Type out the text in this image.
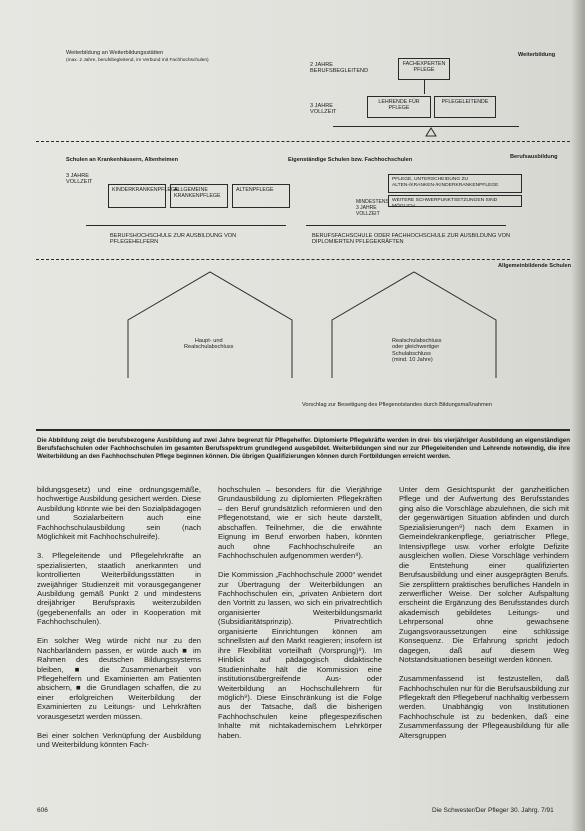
Weiterbildung an Weiterbildungsstätten
(max. 2 Jahre, berufsbegleitend, im Verbund mit Fachhochschulen)
Weiterbildung
2 JAHRE
BERUFSBEGLEITEND
FACHEXPERTEN
PFLEGE
3 JAHRE
VOLLZEIT
LEHRENDE FÜR
PFLEGE
PFLEGELEITENDE
Schulen an Krankenhäusern, Altenheimen	Eigenständige Schulen bzw. Fachhochschulen	Berufsausbildung
3 JAHRE
VOLLZEIT
KINDERKRANKENPFLEGE
ALLGEMEINE
KRANKENPFLEGE
ALTENPFLEGE
MINDESTENS
3 JAHRE
VOLLZEIT
PFLEGE, UNTERSCHEIDUNG ZU ALTEN-/KRANKEN-/KINDERKRANKENPFLEGE
WEITERE SCHWERPUNKTSETZUNGEN SIND MÖGLICH
BERUFSHOCHSCHULE ZUR AUSBILDUNG VON
PFLEGEHELFERN
BERUFSFACHSCHULE ODER FACHHOCHSCHULE ZUR AUSBILDUNG VON
DIPLOMIERTEN PFLEGEKRÄFTEN
Allgemeinbildende Schulen
Haupt- und
Realschulabschluss
Realschulabschluss
oder gleichwertiger
Schulabschluss
(mind. 10 Jahre)
Vorschlag zur Beseitigung des Pflegenotstandes durch Bildungsmaßnahmen
Die Abbildung zeigt die berufsbezogene Ausbildung auf zwei Jahre begrenzt für Pflegehelfer. Diplomierte Pflegekräfte werden in drei- bis vierjähriger Ausbildung an eigenständigen Berufsfachschulen oder Fachhochschulen im gesamten Berufsspektrum grundlegend ausgebildet. Weiterbildungen sind nur zur Pflegeleitenden und Lehrende notwendig, die ihre Weiterbildung an den Fachhochschulen Pflege beginnen können. Die übrigen Qualifizierungen können durch Fortbildungen erreicht werden.

bildungsgesetz) und eine ordnungsgemäße, hochwertige Ausbildung gesichert werden. Diese Ausbildung könnte wie bei den Sozialpädagogen und Sozialarbeitern auch eine Fachhochschulausbildung sein (nach Möglichkeit mit Fachhochschulreife).

3. Pflegeleitende und Pflegelehrkräfte an spezialisierten, staatlich anerkannten und kontrollierten Weiterbildungsstätten in zweijähriger Studienzeit mit vorausgegangener Ausbildung gemäß Punkt 2 und mindestens dreijähriger Berufspraxis weiterzubilden (gegebenenfalls an oder in Kooperation mit Fachhochschulen).

Ein solcher Weg würde nicht nur zu den Nachbarländern passen, er würde auch ■ im Rahmen des deutschen Bildungssystems bleiben, ■ die Zusammenarbeit von Pflegehelfern und Examinierten am Patienten absichern, ■ die Grundlagen schaffen, die zu einer erfolgreichen Weiterbildung der Examinierten zu Leitungs- und Lehrkräften vorausgesetzt werden müssen.

Bei einer solchen Verknüpfung der Ausbildung und Weiterbildung könnten Fach-

hochschulen – besonders für die Vierjährige Grundausbildung zu diplomierten Pflegekräften – den Beruf grundsätzlich reformieren und den Pflegenotstand, wie er sich heute darstellt, abschaffen. Teilnehmer, die die erwähnte Eignung im Beruf erworben haben, könnten auch ohne Fachhochschulreife an Fachhochschulen aufgenommen werden⁸).

Die Kommission „Fachhochschule 2000“ wendet zur Übertragung der Weiterbildungen an Fachhochschulen ein, „privaten Anbietern dort den Vortritt zu lassen, wo sich ein privatrechtlich organisierter Weiterbildungsmarkt (Subsidiaritätsprinzip). Privatrechtlich organisierte Einrichtungen können am schnellsten auf den Markt reagieren; insofern ist ihre Flexibilität vorteilhaft (Vorsprung)⁹). Im Hinblick auf pädagogisch didaktische Studieninhalte hält die Kommission eine institutionsübergreifende Aus- oder Weiterbildung an Hochschullehrern für möglich⁹). Diese Einschränkung ist die Folge aus der Tatsache, daß die bisherigen Fachhochschulen keine pflegespezifischen Inhalte mit nichtakademischem Lehrkörper haben.

Unter dem Gesichtspunkt der ganzheitlichen Pflege und der Aufwertung des Berufsstandes ging also die Vorschläge abzulehnen, die sich mit der gegenwärtigen Situation abfinden und durch Spezialisierungen⁹) nach dem Examen in Gemeindekrankenpflege, geriatrischer Pflege, Intensivpflege usw. vorher erfolgte Defizite ausgleichen wollen. Diese Vorschläge verhindern die Entstehung einer qualifizierten Berufsausbildung und einer ausgeprägten Berufs. Sie zersplittern praktisches berufliches Handeln in zerwerflicher Weise. Der solcher Aufspaltung erscheint die Ergänzung des Berufsstandes durch akademisch gebildetes Leitungs- und Lehrpersonal ohne gewachsene Zugangsvoraussetzungen eine schlüssige Konsequenz. Die Erfahrung spricht jedoch dagegen, daß auf diesem Weg Notstandsituationen beseitigt werden können.

Zusammenfassend ist festzustellen, daß Fachhochschulen nur für die Berufsausbildung zur Pflegekraft den Pflegeberuf nachhaltig verbessern werden. Unabhängig von Institutionen Fachhochschule ist zu bedenken, daß eine Zusammenfassung der Pflegeausbildung für alle Altersgruppen

606	Die Schwester/Der Pfleger 30. Jahrg. 7/91
